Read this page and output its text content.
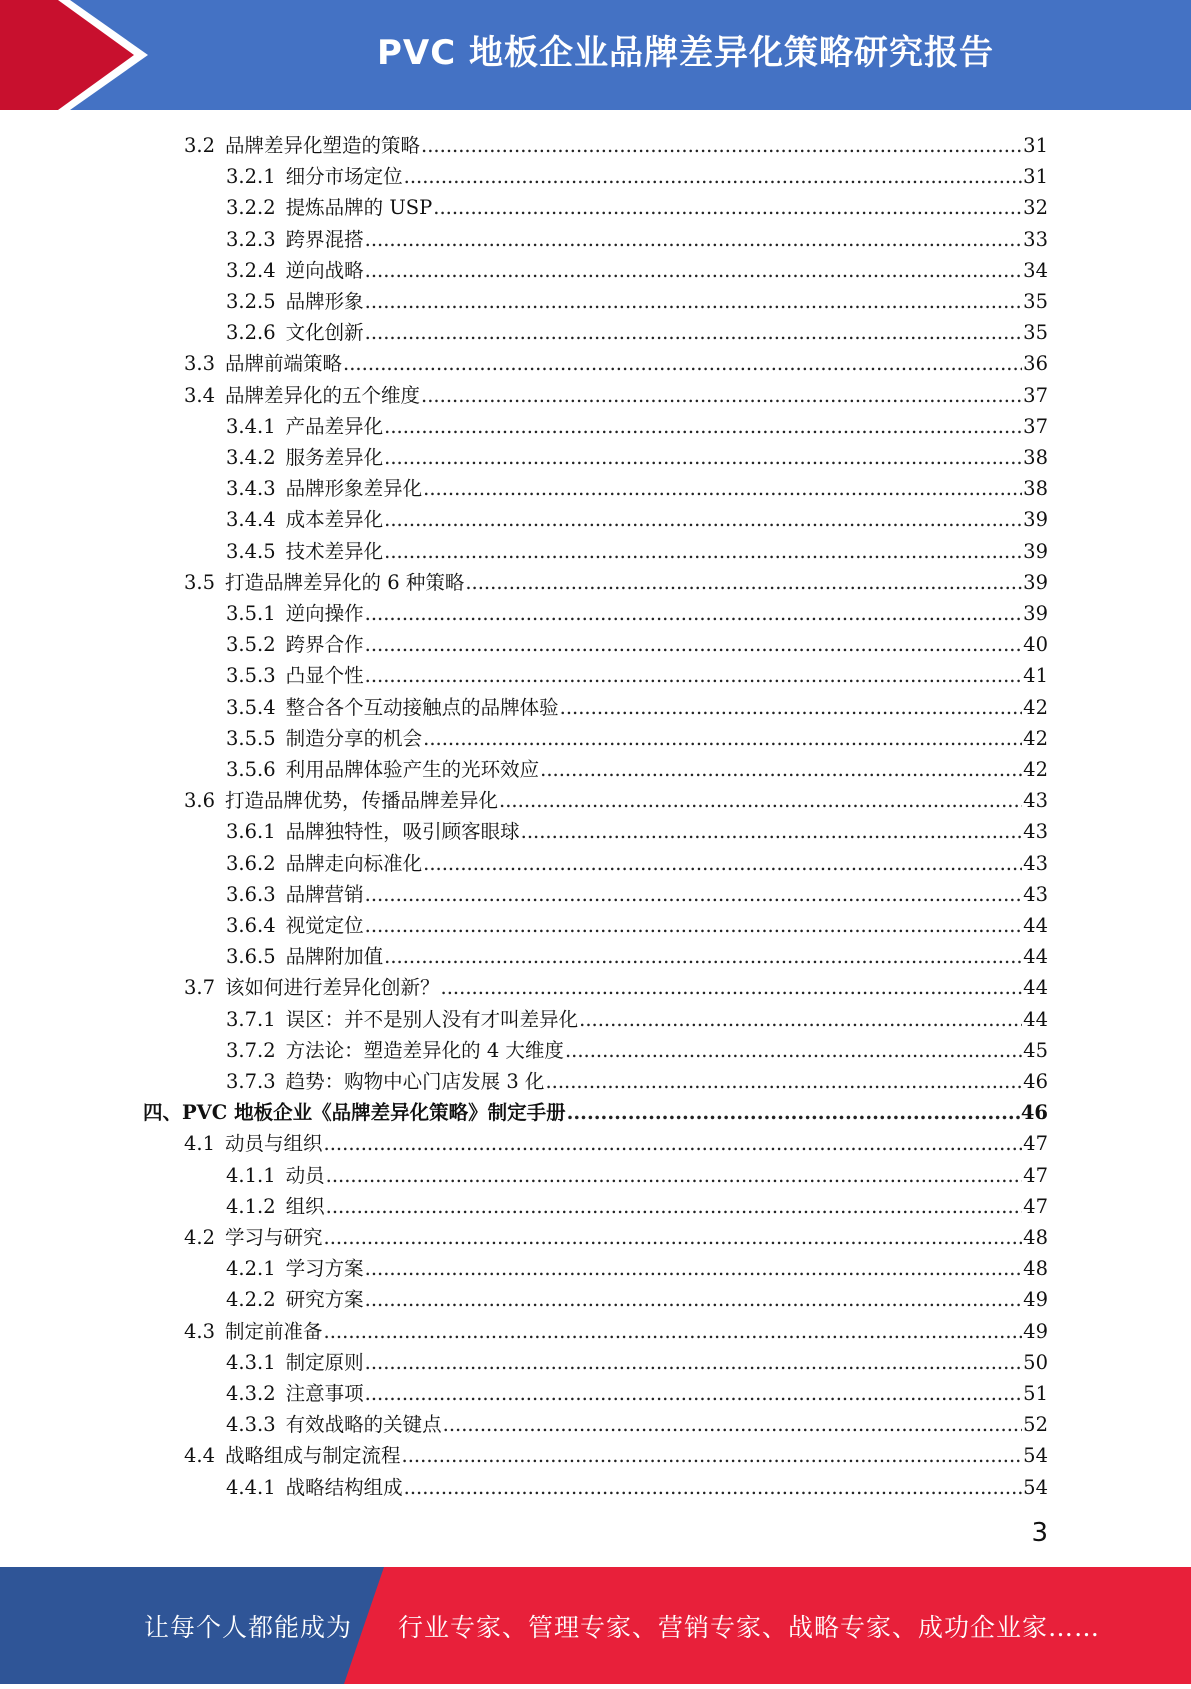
PVC 地板企业品牌差异化策略研究报告
3.2 品牌差异化塑造的策略 .....	31
3.2.1 细分市场定位 .....	31
3.2.2 提炼品牌的 USP .....	32
3.2.3 跨界混搭 .....	33
3.2.4 逆向战略 .....	34
3.2.5 品牌形象 .....	35
3.2.6 文化创新 .....	35
3.3 品牌前端策略 .....	36
3.4 品牌差异化的五个维度 .....	37
3.4.1 产品差异化 .....	37
3.4.2 服务差异化 .....	38
3.4.3 品牌形象差异化 .....	38
3.4.4 成本差异化 .....	39
3.4.5 技术差异化 .....	39
3.5 打造品牌差异化的 6 种策略 .....	39
3.5.1 逆向操作 .....	39
3.5.2 跨界合作 .....	40
3.5.3 凸显个性 .....	41
3.5.4 整合各个互动接触点的品牌体验 .....	42
3.5.5 制造分享的机会 .....	42
3.5.6 利用品牌体验产生的光环效应 .....	42
3.6 打造品牌优势，传播品牌差异化 .....	43
3.6.1 品牌独特性，吸引顾客眼球 .....	43
3.6.2 品牌走向标准化 .....	43
3.6.3 品牌营销 .....	43
3.6.4 视觉定位 .....	44
3.6.5 品牌附加值 .....	44
3.7 该如何进行差异化创新？ .....	44
3.7.1 误区：并不是别人没有才叫差异化 .....	44
3.7.2 方法论：塑造差异化的 4 大维度 .....	45
3.7.3 趋势：购物中心门店发展 3 化 .....	46
四、PVC 地板企业《品牌差异化策略》制定手册 .....	46
4.1 动员与组织 .....	47
4.1.1 动员 .....	47
4.1.2 组织 .....	47
4.2 学习与研究 .....	48
4.2.1 学习方案 .....	48
4.2.2 研究方案 .....	49
4.3 制定前准备 .....	49
4.3.1 制定原则 .....	50
4.3.2 注意事项 .....	51
4.3.3 有效战略的关键点 .....	52
4.4 战略组成与制定流程 .....	54
4.4.1 战略结构组成 .....	54
3
让每个人都能成为 行业专家、管理专家、营销专家、战略专家、成功企业家……
